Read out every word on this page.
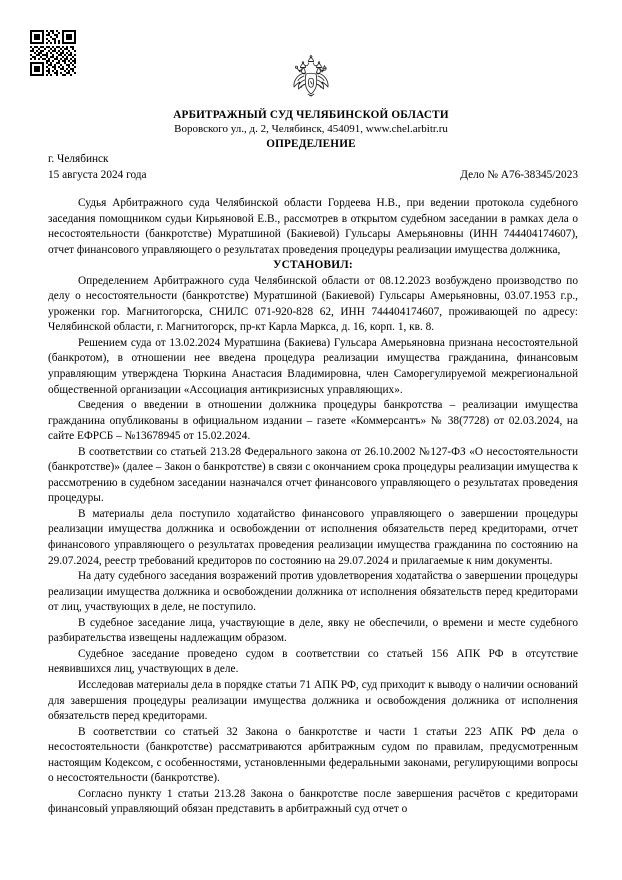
АРБИТРАЖНЫЙ СУД ЧЕЛЯБИНСКОЙ ОБЛАСТИ
Воровского ул., д. 2, Челябинск, 454091, www.chel.arbitr.ru
ОПРЕДЕЛЕНИЕ
г. Челябинск
15 августа 2024 года	Дело № А76-38345/2023

Судья Арбитражного суда Челябинской области Гордеева Н.В., при ведении протокола судебного заседания помощником судьи Кирьяновой Е.В., рассмотрев в открытом судебном заседании в рамках дела о несостоятельности (банкротстве) Муратшиной (Бакиевой) Гульсары Амерьяновны (ИНН 744404174607), отчет финансового управляющего о результатах проведения процедуры реализации имущества должника,

УСТАНОВИЛ:

Определением Арбитражного суда Челябинской области от 08.12.2023 возбуждено производство по делу о несостоятельности (банкротстве) Муратшиной (Бакиевой) Гульсары Амерьяновны, 03.07.1953 г.р., уроженки гор. Магнитогорска, СНИЛС 071-920-828 62, ИНН 744404174607, проживающей по адресу: Челябинской области, г. Магнитогорск, пр-кт Карла Маркса, д. 16, корп. 1, кв. 8.

Решением суда от 13.02.2024 Муратшина (Бакиева) Гульсара Амерьяновна признана несостоятельной (банкротом), в отношении нее введена процедура реализации имущества гражданина, финансовым управляющим утверждена Тюркина Анастасия Владимировна, член Саморегулируемой межрегиональной общественной организации «Ассоциация антикризисных управляющих».

Сведения о введении в отношении должника процедуры банкротства – реализации имущества гражданина опубликованы в официальном издании – газете «Коммерсантъ» № 38(7728) от 02.03.2024, на сайте ЕФРСБ – №13678945 от 15.02.2024.

В соответствии со статьей 213.28 Федерального закона от 26.10.2002 №127-ФЗ «О несостоятельности (банкротстве)» (далее – Закон о банкротстве) в связи с окончанием срока процедуры реализации имущества к рассмотрению в судебном заседании назначался отчет финансового управляющего о результатах проведения процедуры.

В материалы дела поступило ходатайство финансового управляющего о завершении процедуры реализации имущества должника и освобождении от исполнения обязательств перед кредиторами, отчет финансового управляющего о результатах проведения реализации имущества гражданина по состоянию на 29.07.2024, реестр требований кредиторов по состоянию на 29.07.2024 и прилагаемые к ним документы.

На дату судебного заседания возражений против удовлетворения ходатайства о завершении процедуры реализации имущества должника и освобождении должника от исполнения обязательств перед кредиторами от лиц, участвующих в деле, не поступило.

В судебное заседание лица, участвующие в деле, явку не обеспечили, о времени и месте судебного разбирательства извещены надлежащим образом.

Судебное заседание проведено судом в соответствии со статьей 156 АПК РФ в отсутствие неявившихся лиц, участвующих в деле.

Исследовав материалы дела в порядке статьи 71 АПК РФ, суд приходит к выводу о наличии оснований для завершения процедуры реализации имущества должника и освобождения должника от исполнения обязательств перед кредиторами.

В соответствии со статьей 32 Закона о банкротстве и части 1 статьи 223 АПК РФ дела о несостоятельности (банкротстве) рассматриваются арбитражным судом по правилам, предусмотренным настоящим Кодексом, с особенностями, установленными федеральными законами, регулирующими вопросы о несостоятельности (банкротстве).

Согласно пункту 1 статьи 213.28 Закона о банкротстве после завершения расчётов с кредиторами финансовый управляющий обязан представить в арбитражный суд отчет о
